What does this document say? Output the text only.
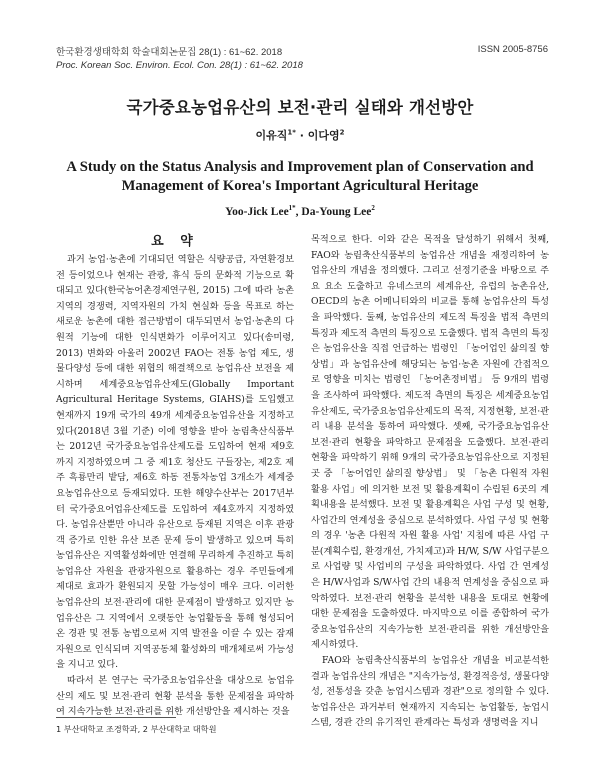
한국환경생태학회 학술대회논문집 28(1) : 61~62. 2018	ISSN 2005-8756
Proc. Korean Soc. Environ. Ecol. Con. 28(1) : 61~62. 2018
국가중요농업유산의 보전·관리 실태와 개선방안
이유직$^{1*}$ · 이다영$^2$
A Study on the Status Analysis and Improvement plan of Conservation and Management of Korea's Important Agricultural Heritage
Yoo-Jick Lee$^{1*}$, Da-Young Lee$^2$
요 약

과거 농업·농촌에 기대되던 역할은 식량공급, 자연환경보전 등이었으나 현재는 관광, 휴식 등의 문화적 기능으로 확대되고 있다(한국농어촌경제연구원, 2015) 그에 따라 농촌지역의 경쟁력, 지역자원의 가치 현실화 등을 목표로 하는 새로운 농촌에 대한 접근방법이 대두되면서 농업·농촌의 다원적 기능에 대한 인식변화가 이루어지고 있다(송미령, 2013) 변화와 아울러 2002년 FAO는 전통 농업 제도, 생물다양성 등에 대한 위협의 해결책으로 농업유산 보전을 제시하며 세계중요농업유산제도(Globally Important Agricultural Heritage Systems, GIAHS)를 도입했고 현재까지 19개 국가의 49개 세계중요농업유산을 지정하고 있다(2018년 3월 기준) 이에 영향을 받아 농림축산식품부는 2012년 국가중요농업유산제도를 도입하여 현재 제9호까지 지정하였으며 그 중 제1호 청산도 구들장논, 제2호 제주 흑룡만리 밭담, 제6호 하동 전통차농업 3개소가 세계중요농업유산으로 등재되었다. 또한 해양수산부는 2017년부터 국가중요어업유산제도를 도입하여 제4호까지 지정하였다. 농업유산뿐만 아니라 유산으로 등재된 지역은 이후 관광객 증가로 인한 유산 보존 문제 등이 발생하고 있으며 특히 농업유산은 지역활성화에만 연결해 무리하게 추진하고 특히 농업유산 자원을 관광자원으로 활용하는 경우 주민들에게 제대로 효과가 환원되지 못할 가능성이 매우 크다. 이러한 농업유산의 보전·관리에 대한 문제점이 발생하고 있지만 농업유산은 그 지역에서 오랫동안 농업활동을 통해 형성되어온 경관 및 전통 농법으로써 지역 발전을 이끌 수 있는 잠재자원으로 인식되며 지역공동체 활성화의 매개체로써 가능성을 지니고 있다.

따라서 본 연구는 국가중요농업유산을 대상으로 농업유산의 제도 및 보전·관리 현황 분석을 통한 문제점을 파악하여 지속가능한 보전·관리를 위한 개선방안을 제시하는 것을

목적으로 한다. 이와 같은 목적을 달성하기 위해서 첫째, FAO와 농림축산식품부의 농업유산 개념을 재정리하여 농업유산의 개념을 정의했다. 그리고 선정기준을 바탕으로 주요 요소 도출하고 유네스코의 세계유산, 유럽의 농촌유산, OECD의 농촌 어메니티와의 비교를 통해 농업유산의 특성을 파악했다. 둘째, 농업유산의 제도적 특징을 법적 측면의 특징과 제도적 측면의 특징으로 도출했다. 법적 측면의 특징은 농업유산을 직접 언급하는 법령인 「농어업인 삶의질 향상법」과 농업유산에 해당되는 농업·농촌 자원에 간접적으로 영향을 미치는 법령인 「농어촌정비법」 등 9개의 법령을 조사하여 파악했다. 제도적 측면의 특징은 세계중요농업유산제도, 국가중요농업유산제도의 목적, 지정현황, 보전·관리 내용 분석을 통하여 파악했다. 셋째, 국가중요농업유산 보전·관리 현황을 파악하고 문제점을 도출했다. 보전·관리 현황을 파악하기 위해 9개의 국가중요농업유산으로 지정된 곳 중 「농어업인 삶의질 향상법」 및 「농촌 다원적 자원 활용 사업」에 의거한 보전 및 활용계획이 수립된 6곳의 계획내용을 분석했다. 보전 및 활용계획은 사업 구성 및 현황, 사업간의 연계성을 중심으로 분석하였다. 사업 구성 및 현황의 경우 '농촌 다원적 자원 활용 사업' 지침에 따른 사업 구분(계획수립, 환경개선, 가치제고)과 H/W, S/W 사업구분으로 사업량 및 사업비의 구성을 파악하였다. 사업 간 연계성은 H/W사업과 S/W사업 간의 내용적 연계성을 중심으로 파악하였다. 보전·관리 현황을 분석한 내용을 토대로 현황에 대한 문제점을 도출하였다. 마지막으로 이를 종합하여 국가중요농업유산의 지속가능한 보전·관리를 위한 개선방안을 제시하였다.

FAO와 농림축산식품부의 농업유산 개념을 비교분석한 결과 농업유산의 개념은 "지속가능성, 환경적응성, 생물다양성, 전통성을 갖춘 농업시스템과 경관"으로 정의할 수 있다. 농업유산은 과거부터 현재까지 지속되는 농업활동, 농업시스템, 경관 간의 유기적인 관계라는 특성과 생명력을 지니

1 부산대학교 조경학과, 2 부산대학교 대학원
